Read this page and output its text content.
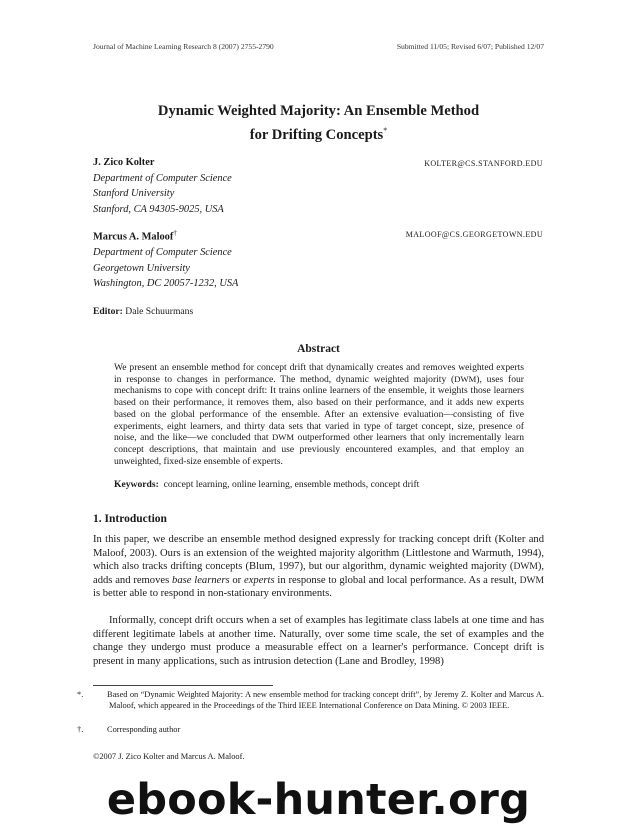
Journal of Machine Learning Research 8 (2007) 2755-2790	Submitted 11/05; Revised 6/07; Published 12/07
Dynamic Weighted Majority: An Ensemble Method
for Drifting Concepts*
J. Zico Kolter
Department of Computer Science
Stanford University
Stanford, CA 94305-9025, USA
KOLTER@CS.STANFORD.EDU
Marcus A. Maloof†
Department of Computer Science
Georgetown University
Washington, DC 20057-1232, USA
MALOOF@CS.GEORGETOWN.EDU
Editor: Dale Schuurmans
Abstract
We present an ensemble method for concept drift that dynamically creates and removes weighted experts in response to changes in performance. The method, dynamic weighted majority (DWM), uses four mechanisms to cope with concept drift: It trains online learners of the ensemble, it weights those learners based on their performance, it removes them, also based on their performance, and it adds new experts based on the global performance of the ensemble. After an extensive evaluation—consisting of five experiments, eight learners, and thirty data sets that varied in type of target concept, size, presence of noise, and the like—we concluded that DWM outperformed other learners that only incrementally learn concept descriptions, that maintain and use previously encountered examples, and that employ an unweighted, fixed-size ensemble of experts.
Keywords: concept learning, online learning, ensemble methods, concept drift
1. Introduction
In this paper, we describe an ensemble method designed expressly for tracking concept drift (Kolter and Maloof, 2003). Ours is an extension of the weighted majority algorithm (Littlestone and Warmuth, 1994), which also tracks drifting concepts (Blum, 1997), but our algorithm, dynamic weighted majority (DWM), adds and removes base learners or experts in response to global and local performance. As a result, DWM is better able to respond in non-stationary environments.
Informally, concept drift occurs when a set of examples has legitimate class labels at one time and has different legitimate labels at another time. Naturally, over some time scale, the set of examples and the change they undergo must produce a measurable effect on a learner's performance. Concept drift is present in many applications, such as intrusion detection (Lane and Brodley, 1998)
*.	Based on “Dynamic Weighted Majority: A new ensemble method for tracking concept drift”, by Jeremy Z. Kolter and Marcus A. Maloof, which appeared in the Proceedings of the Third IEEE International Conference on Data Mining. © 2003 IEEE.
†.	Corresponding author
©2007 J. Zico Kolter and Marcus A. Maloof.
ebook-hunter.org
